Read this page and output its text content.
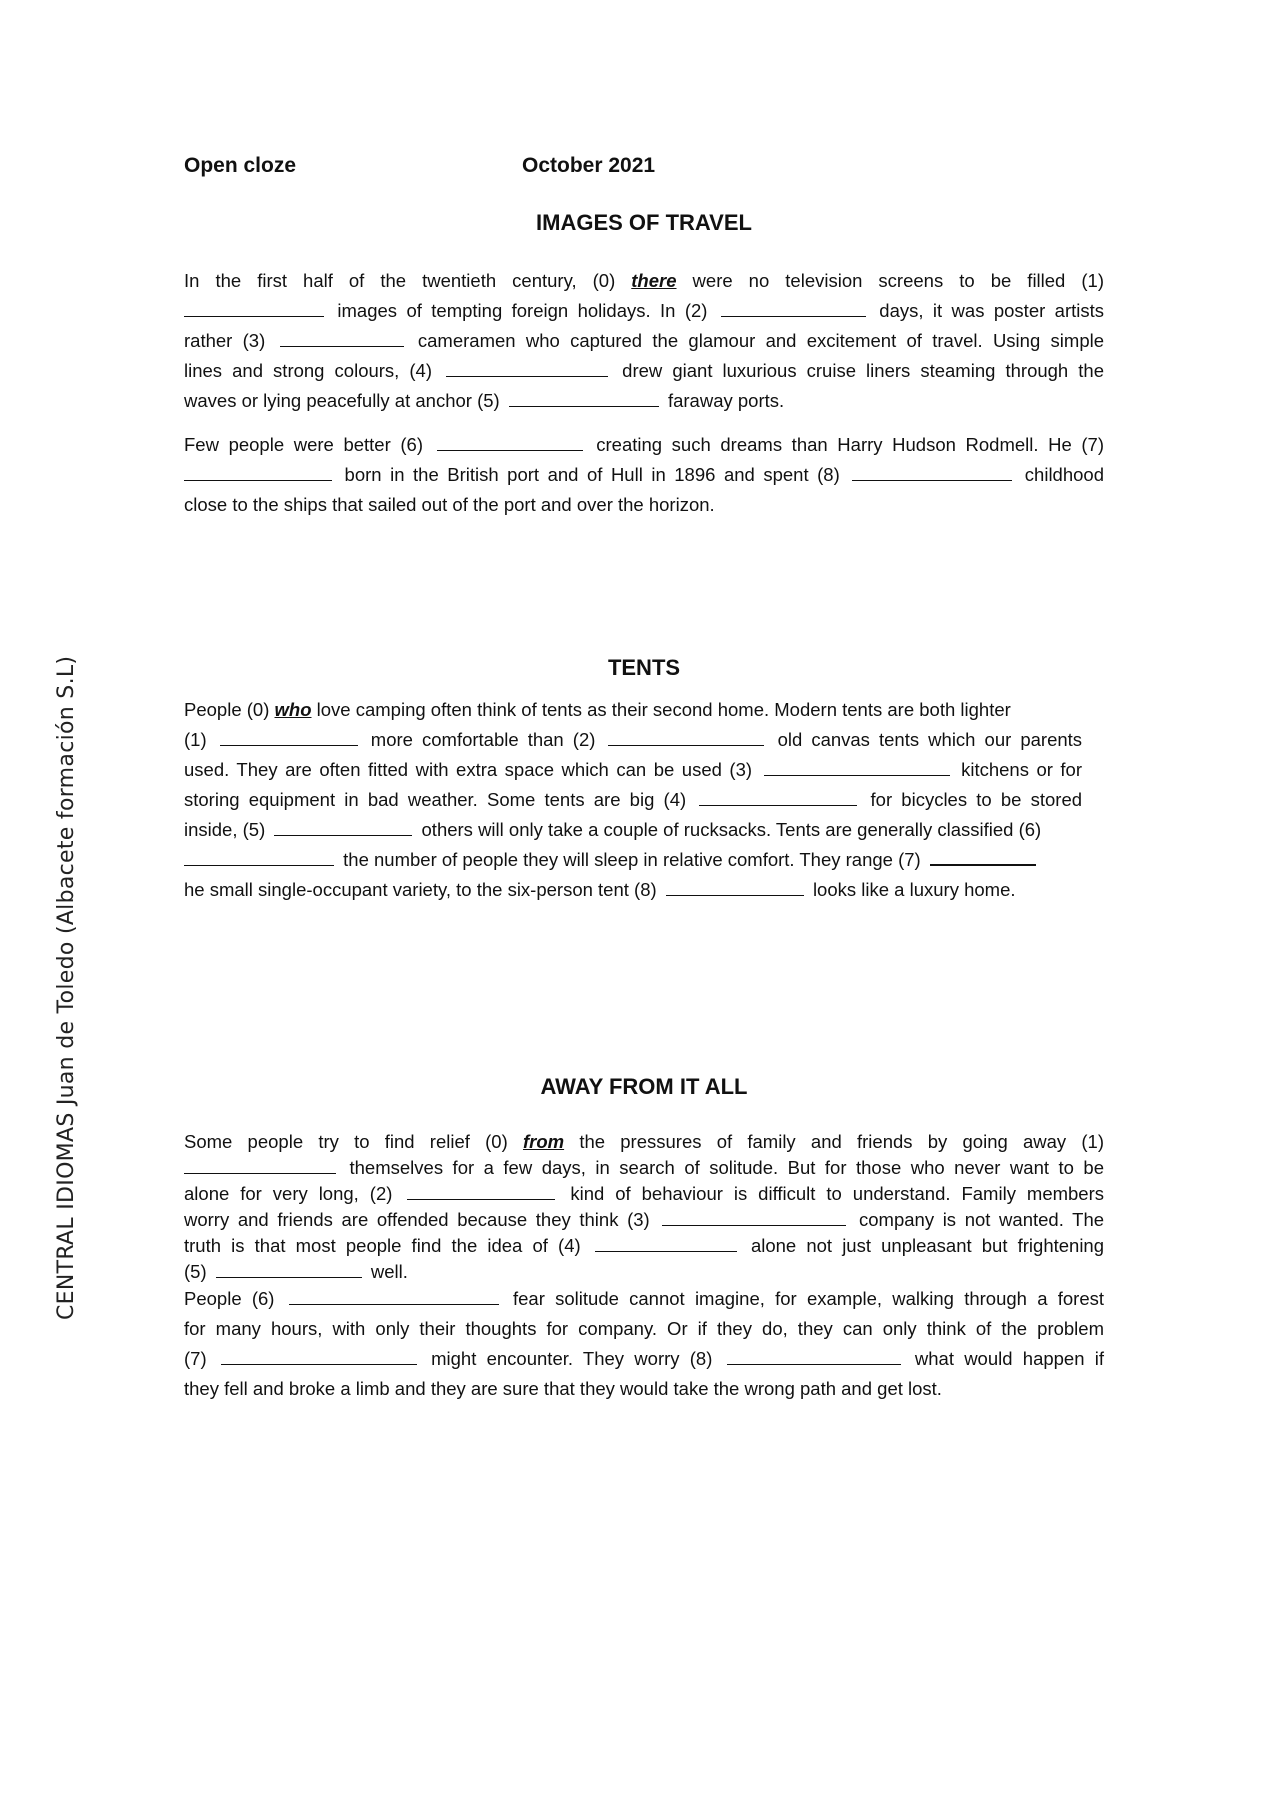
CENTRAL IDIOMAS Juan de Toledo (Albacete formación S.L)
Open cloze	October 2021
IMAGES OF TRAVEL
In the first half of the twentieth century, (0) there were no television screens to be filled (1)
images of tempting foreign holidays. In (2)	days, it was poster artists
rather (3)	cameramen who captured the glamour and excitement of travel. Using simple
lines and strong colours, (4)	drew giant luxurious cruise liners steaming through the
waves or lying peacefully at anchor (5)	faraway ports.
Few people were better (6)	creating such dreams than Harry Hudson Rodmell. He (7)
born in the British port and of Hull in 1896 and spent (8)	childhood
close to the ships that sailed out of the port and over the horizon.
TENTS
People (0) who love camping often think of tents as their second home. Modern tents are both lighter
(1)	more comfortable than (2)	old canvas tents which our parents
used. They are often fitted with extra space which can be used (3)	kitchens or for
storing equipment in bad weather. Some tents are big (4)	for bicycles to be stored
inside, (5)	others will only take a couple of rucksacks. Tents are generally classified (6)
the number of people they will sleep in relative comfort. They range (7)
he small single-occupant variety, to the six-person tent (8)	looks like a luxury home.
AWAY FROM IT ALL
Some people try to find relief (0) from the pressures of family and friends by going away (1)
themselves for a few days, in search of solitude. But for those who never want to be
alone for very long, (2)	kind of behaviour is difficult to understand. Family members
worry and friends are offended because they think (3)	company is not wanted. The
truth is that most people find the idea of (4)	alone not just unpleasant but frightening
(5)	well.
People (6)	fear solitude cannot imagine, for example, walking through a forest
for many hours, with only their thoughts for company. Or if they do, they can only think of the problem
(7)	might encounter. They worry (8)	what would happen if
they fell and broke a limb and they are sure that they would take the wrong path and get lost.
